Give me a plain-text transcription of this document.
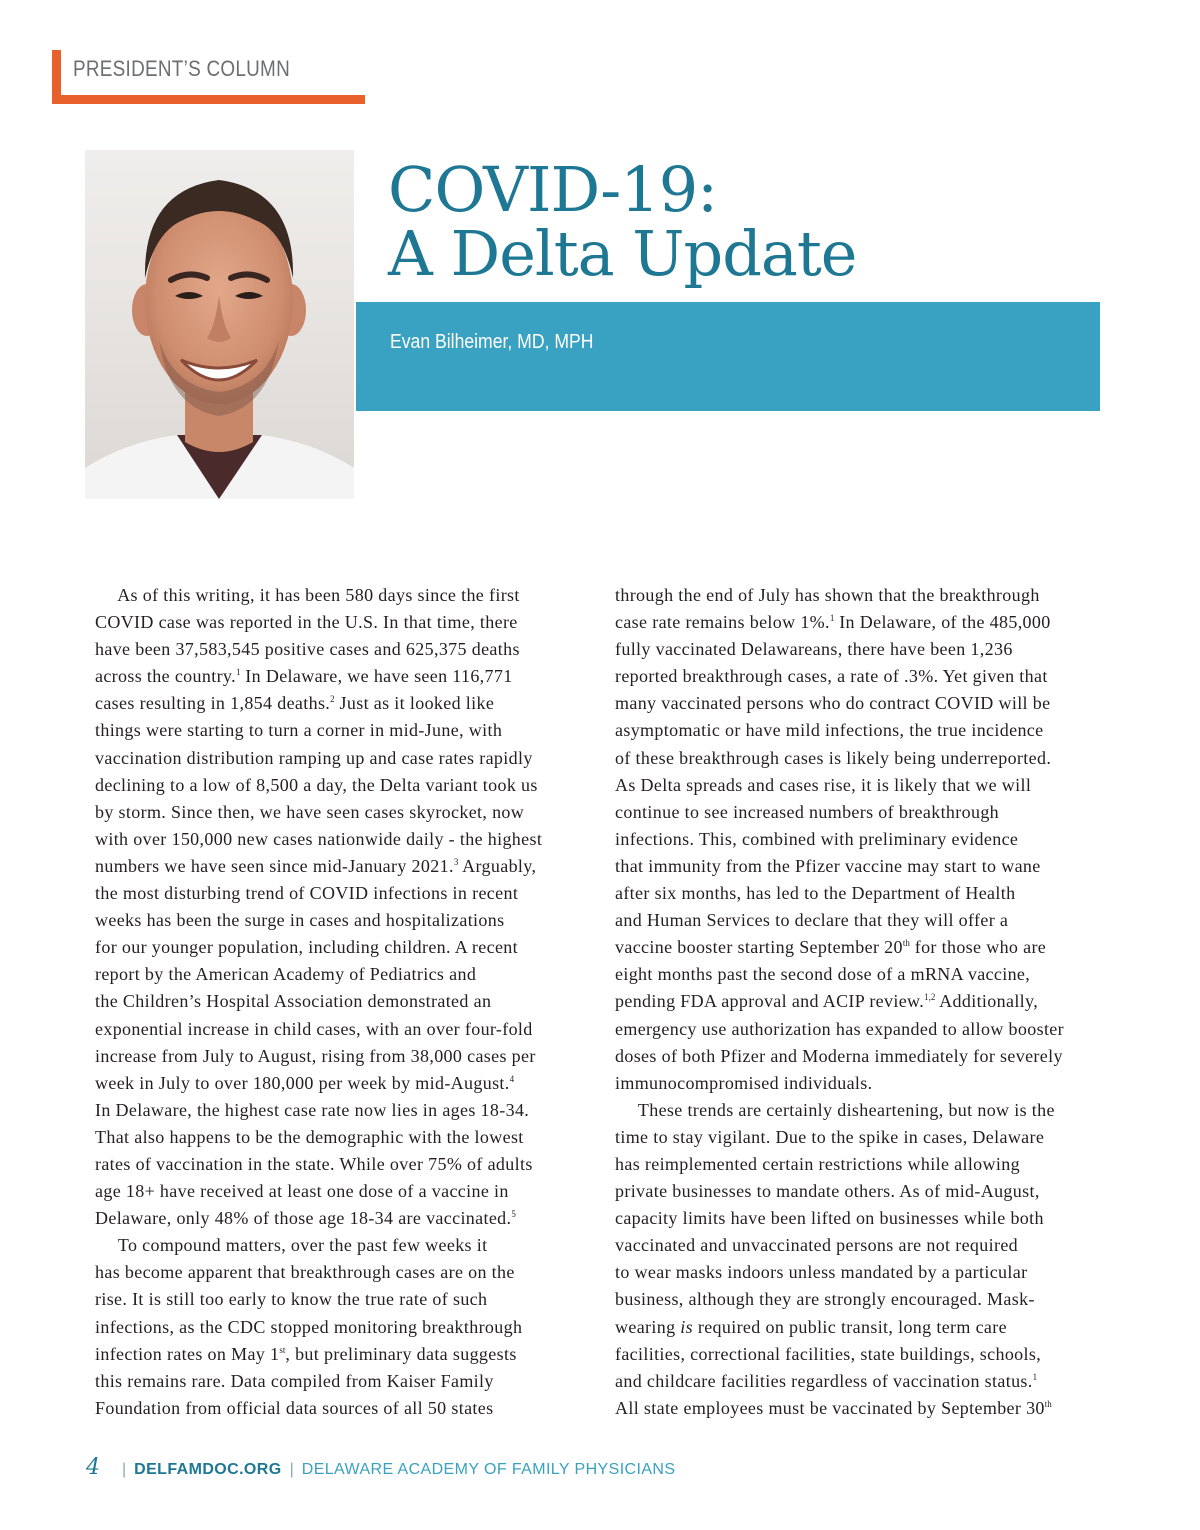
PRESIDENT’S COLUMN
COVID-19:
A Delta Update
Evan Bilheimer, MD, MPH
  As of this writing, it has been 580 days since the first
COVID case was reported in the U.S. In that time, there
have been 37,583,545 positive cases and 625,375 deaths
across the country.$^1$ In Delaware, we have seen 116,771
cases resulting in 1,854 deaths.$^2$ Just as it looked like
things were starting to turn a corner in mid-June, with
vaccination distribution ramping up and case rates rapidly
declining to a low of 8,500 a day, the Delta variant took us
by storm. Since then, we have seen cases skyrocket, now
with over 150,000 new cases nationwide daily - the highest
numbers we have seen since mid-January 2021.$^3$ Arguably,
the most disturbing trend of COVID infections in recent
weeks has been the surge in cases and hospitalizations
for our younger population, including children. A recent
report by the American Academy of Pediatrics and
the Children’s Hospital Association demonstrated an
exponential increase in child cases, with an over four-fold
increase from July to August, rising from 38,000 cases per
week in July to over 180,000 per week by mid-August.$^4$
In Delaware, the highest case rate now lies in ages 18-34.
That also happens to be the demographic with the lowest
rates of vaccination in the state. While over 75% of adults
age 18+ have received at least one dose of a vaccine in
Delaware, only 48% of those age 18-34 are vaccinated.$^5$
  To compound matters, over the past few weeks it
has become apparent that breakthrough cases are on the
rise. It is still too early to know the true rate of such
infections, as the CDC stopped monitoring breakthrough
infection rates on May 1st, but preliminary data suggests
this remains rare. Data compiled from Kaiser Family
Foundation from official data sources of all 50 states
through the end of July has shown that the breakthrough
case rate remains below 1%.$^1$ In Delaware, of the 485,000
fully vaccinated Delawareans, there have been 1,236
reported breakthrough cases, a rate of .3%. Yet given that
many vaccinated persons who do contract COVID will be
asymptomatic or have mild infections, the true incidence
of these breakthrough cases is likely being underreported.
As Delta spreads and cases rise, it is likely that we will
continue to see increased numbers of breakthrough
infections. This, combined with preliminary evidence
that immunity from the Pfizer vaccine may start to wane
after six months, has led to the Department of Health
and Human Services to declare that they will offer a
vaccine booster starting September 20th for those who are
eight months past the second dose of a mRNA vaccine,
pending FDA approval and ACIP review.$^{1,2}$ Additionally,
emergency use authorization has expanded to allow booster
doses of both Pfizer and Moderna immediately for severely
immunocompromised individuals.
  These trends are certainly disheartening, but now is the
time to stay vigilant. Due to the spike in cases, Delaware
has reimplemented certain restrictions while allowing
private businesses to mandate others. As of mid-August,
capacity limits have been lifted on businesses while both
vaccinated and unvaccinated persons are not required
to wear masks indoors unless mandated by a particular
business, although they are strongly encouraged. Mask-
wearing is required on public transit, long term care
facilities, correctional facilities, state buildings, schools,
and childcare facilities regardless of vaccination status.$^1$
All state employees must be vaccinated by September 30th
4 | DELFAMDOC.ORG | DELAWARE ACADEMY OF FAMILY PHYSICIANS
